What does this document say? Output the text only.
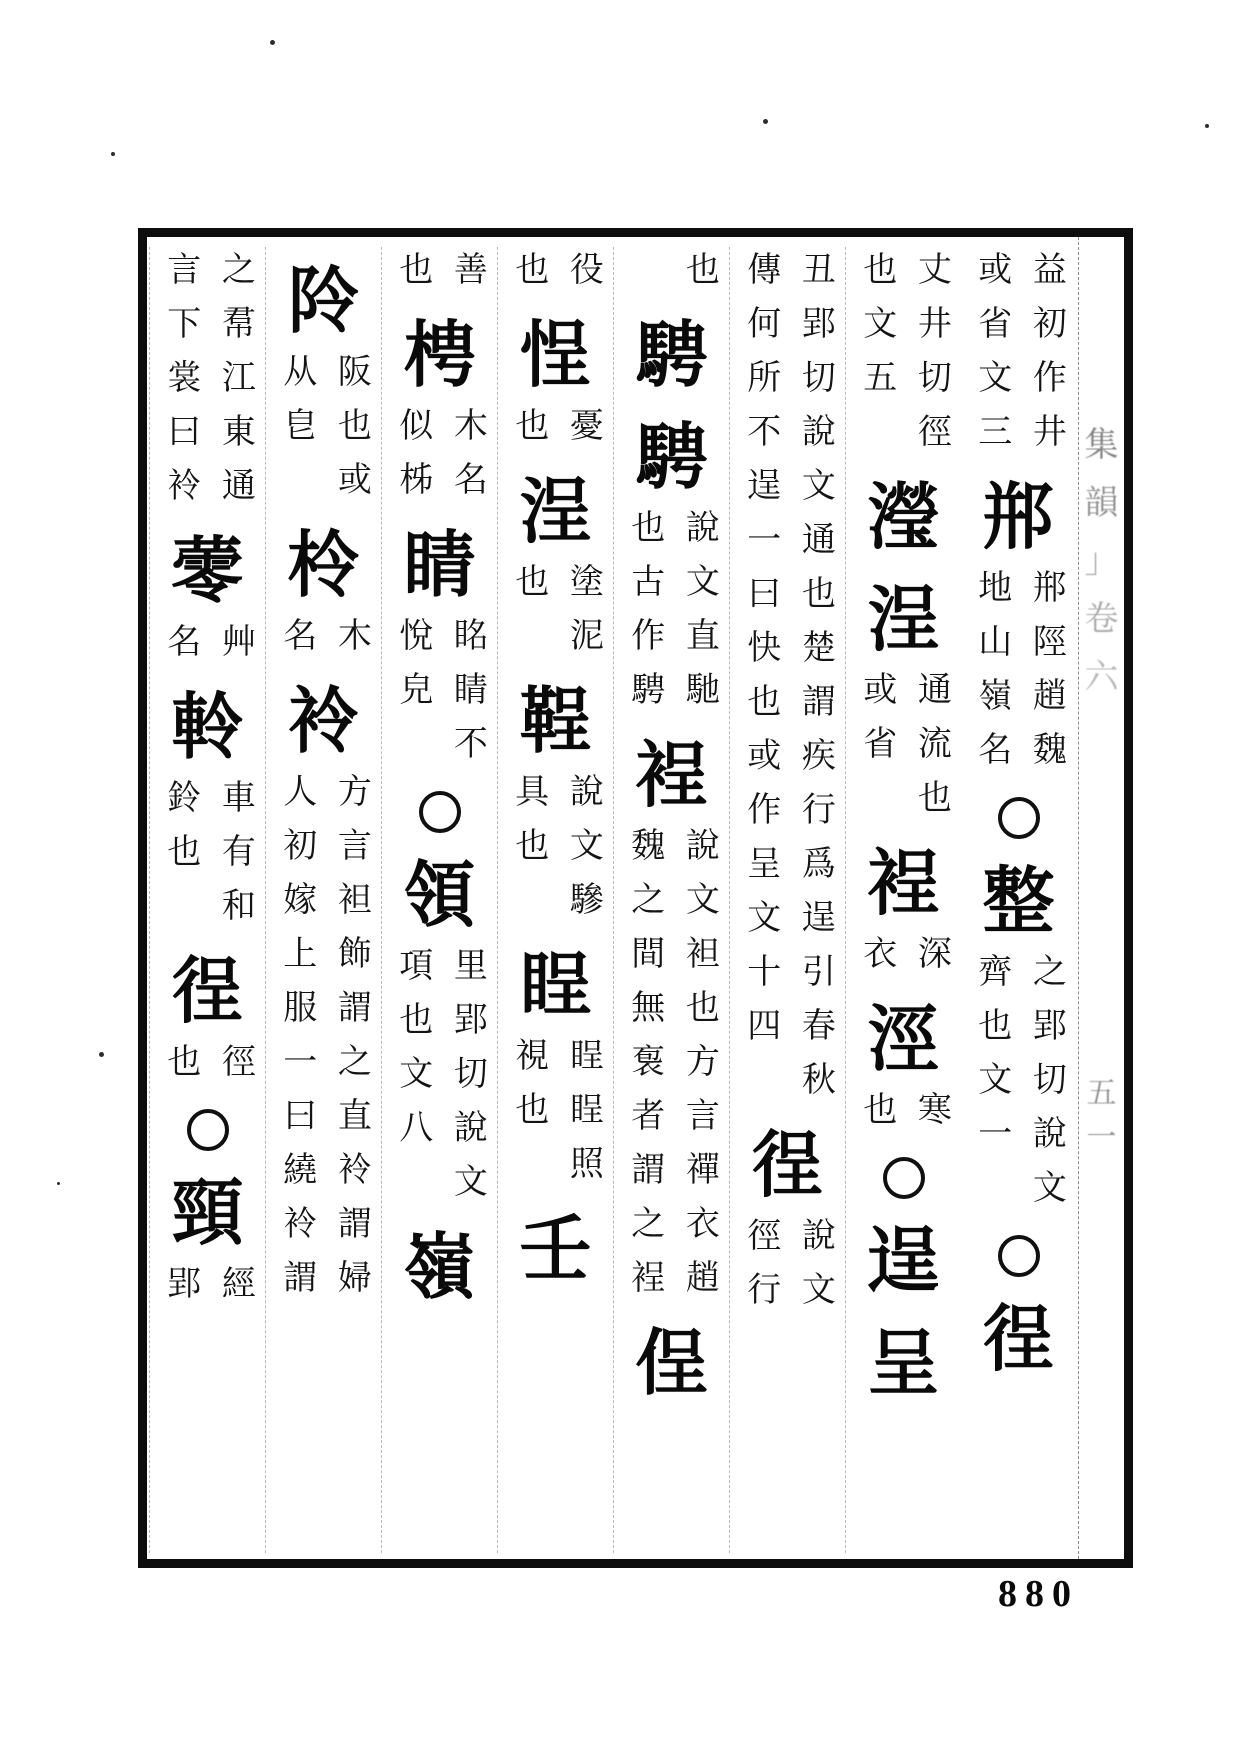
集
韻
」
卷
六
五
一
益初作井
或省文三
郱
郱陘趙魏
地山嶺名
整
之郢切說文
齊也文一
徎
丈井切徑
也文五
瀅
浧
通流也
或省
裎
深
衣
涇
寒
也
逞
呈
丑郢切說文通也楚謂疾行爲逞引春秋
傳何所不逞一曰快也或作呈文十四
徎
說文
徑行
也
騁
騁
說文直馳
也古作騁
裎
說文袒也方言禪衣趙
魏之間無袌者謂之裎
侱
役
也
悜
憂
也
浧
塗泥
也
鞓
說文驂
具也
睈
睈睈照
視也
壬
善
也
梬
木名
似柹
睛
眳睛不
悅皃
領
里郢切說文
項也文八
嶺
阾
阪也或
从皀
柃
木
名
袊
方言袒飾謂之直袊謂婦
人初嫁上服一曰繞袊謂
之帬江東通
言下裳曰袊
蕶
艸
名
軨
車有和
鈴也
徎
徑
也
頸
經
郢
880
